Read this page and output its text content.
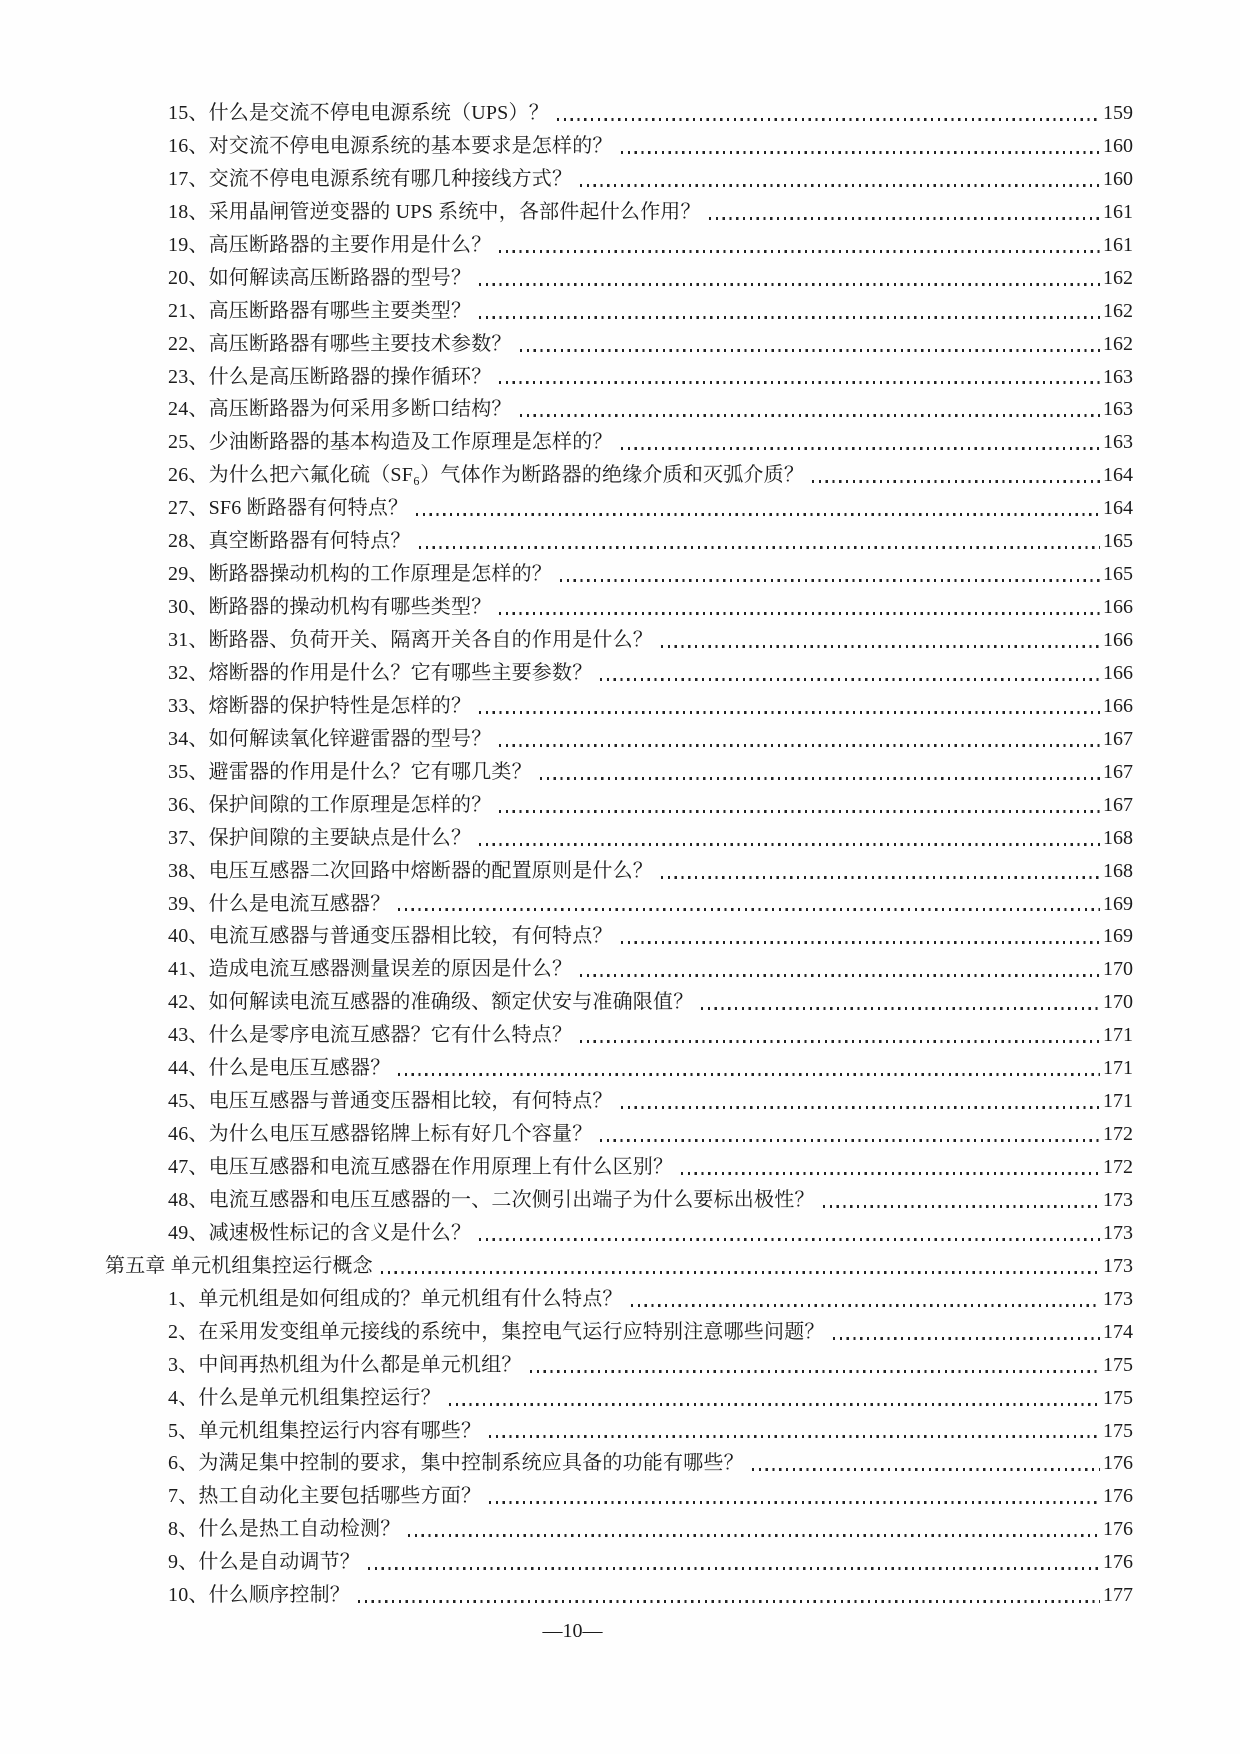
15、什么是交流不停电电源系统（UPS）？	159
16、对交流不停电电源系统的基本要求是怎样的？	160
17、交流不停电电源系统有哪几种接线方式？	160
18、采用晶闸管逆变器的 UPS 系统中，各部件起什么作用？	161
19、高压断路器的主要作用是什么？	161
20、如何解读高压断路器的型号？	162
21、高压断路器有哪些主要类型？	162
22、高压断路器有哪些主要技术参数？	162
23、什么是高压断路器的操作循环？	163
24、高压断路器为何采用多断口结构？	163
25、少油断路器的基本构造及工作原理是怎样的？	163
26、为什么把六氟化硫（SF₆）气体作为断路器的绝缘介质和灭弧介质？	164
27、SF6 断路器有何特点？	164
28、真空断路器有何特点？	165
29、断路器操动机构的工作原理是怎样的？	165
30、断路器的操动机构有哪些类型？	166
31、断路器、负荷开关、隔离开关各自的作用是什么？	166
32、熔断器的作用是什么？它有哪些主要参数？	166
33、熔断器的保护特性是怎样的？	166
34、如何解读氧化锌避雷器的型号？	167
35、避雷器的作用是什么？它有哪几类？	167
36、保护间隙的工作原理是怎样的？	167
37、保护间隙的主要缺点是什么？	168
38、电压互感器二次回路中熔断器的配置原则是什么？	168
39、什么是电流互感器？	169
40、电流互感器与普通变压器相比较，有何特点？	169
41、造成电流互感器测量误差的原因是什么？	170
42、如何解读电流互感器的准确级、额定伏安与准确限值？	170
43、什么是零序电流互感器？它有什么特点？	171
44、什么是电压互感器？	171
45、电压互感器与普通变压器相比较，有何特点？	171
46、为什么电压互感器铭牌上标有好几个容量？	172
47、电压互感器和电流互感器在作用原理上有什么区别？	172
48、电流互感器和电压互感器的一、二次侧引出端子为什么要标出极性？	173
49、减速极性标记的含义是什么？	173
第五章 单元机组集控运行概念	173
1、单元机组是如何组成的？单元机组有什么特点？	173
2、在采用发变组单元接线的系统中，集控电气运行应特别注意哪些问题？	174
3、中间再热机组为什么都是单元机组？	175
4、什么是单元机组集控运行？	175
5、单元机组集控运行内容有哪些？	175
6、为满足集中控制的要求，集中控制系统应具备的功能有哪些？	176
7、热工自动化主要包括哪些方面？	176
8、什么是热工自动检测？	176
9、什么是自动调节？	176
10、什么顺序控制？	177
—10—
